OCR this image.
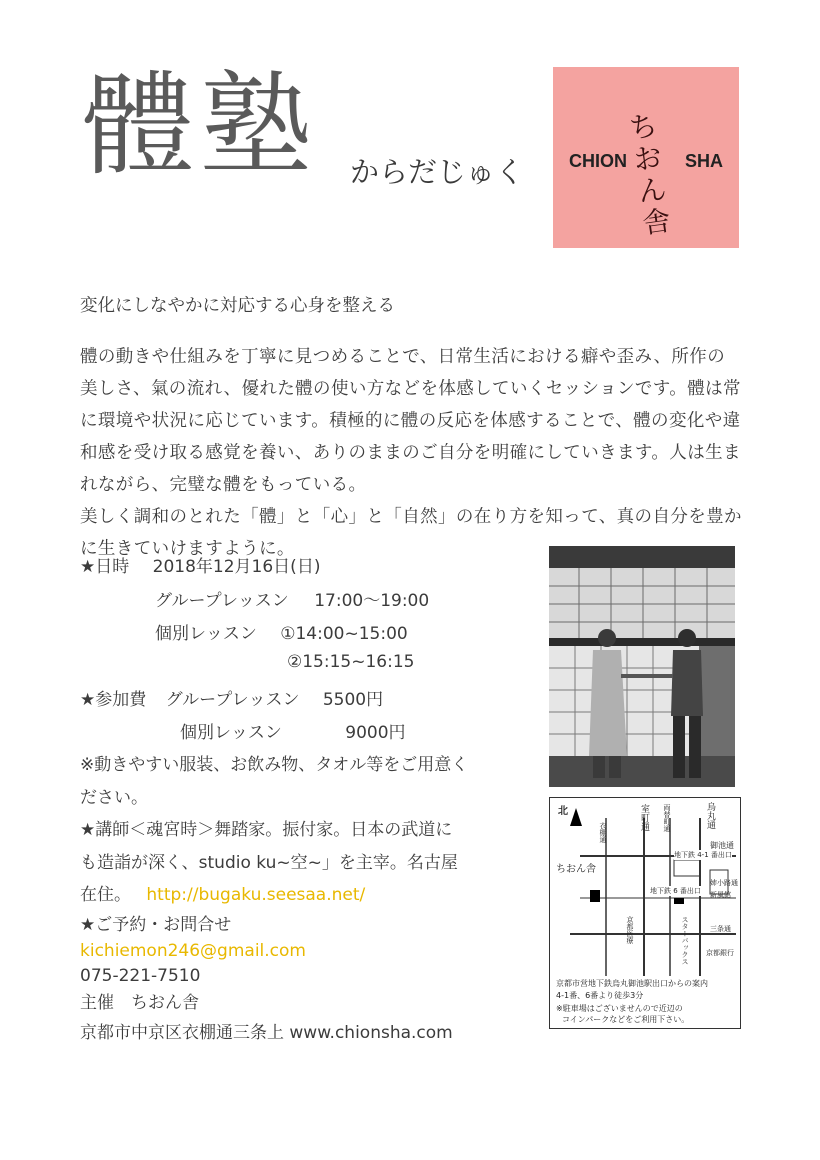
體塾 からだじゅく CHION
ちおん舎
SHA
変化にしなやかに対応する心身を整える

體の動きや仕組みを丁寧に見つめることで、日常生活における癖や歪み、所作の美しさ、氣の流れ、優れた體の使い方などを体感していくセッションです。體は常に環境や状況に応じています。積極的に體の反応を体感することで、體の変化や違和感を受け取る感覚を養い、ありのままのご自分を明確にしていきます。人は生まれながら、完璧な體をもっている。

美しく調和のとれた「體」と「心」と「自然」の在り方を知って、真の自分を豊かに生きていけますように。

★日時 2018年12月16日(日)
グループレッスン 17:00〜19:00
個別レッスン ①14:00~15:00
②15:15~16:15
★参加費 グループレッスン 5500円
個別レッスン	9000円
※動きやすい服装、お飲み物、タオル等をご用意く
ださい。
★講師＜魂宮時＞舞踏家。振付家。日本の武道に
も造詣が深く、studio ku~空~」を主宰。名古屋
在住。 http://bugaku.seesaa.net/
★ご予約・お問合せ
kichiemon246@gmail.com
075-221-7510
主催　ちおん舎
京都市中京区衣棚通三条上 www.chionsha.com
北	室町通 両替町通	烏丸通
衣棚通
御池通
地下鉄 4-1 番出口
ちおん舎
姉小路通
新風館
地下鉄 6 番出口
京都医療	スターバックス	三条通
京都銀行
京都市営地下鉄烏丸御池駅出口からの案内
4-1番、6番より徒歩3分
※駐車場はございませんので近辺の
コインパークなどをご利用下さい。
